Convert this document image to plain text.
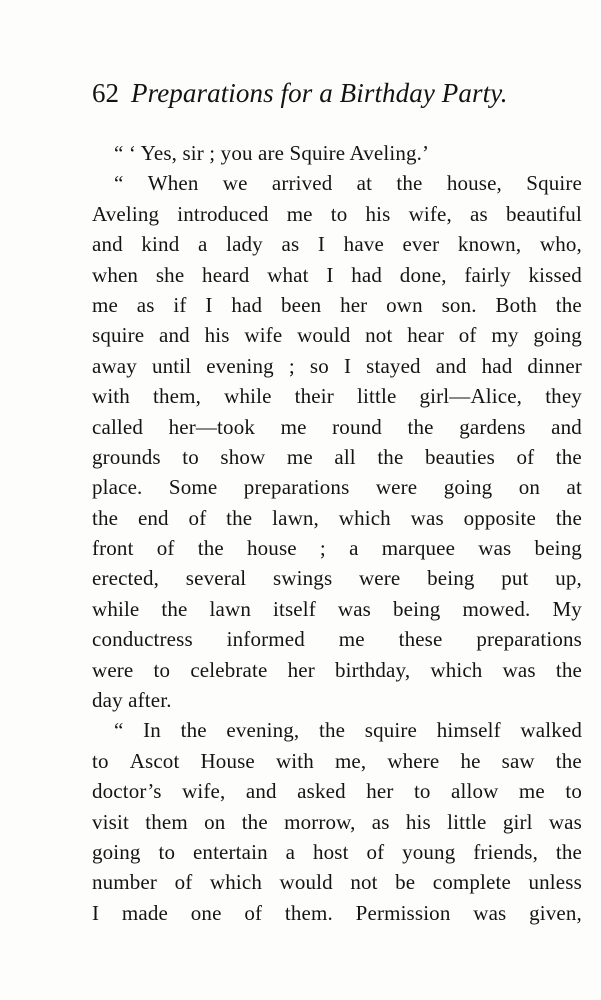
62 Preparations for a Birthday Party.
“ ‘ Yes, sir ; you are Squire Aveling.’
“ When we arrived at the house, Squire
Aveling introduced me to his wife, as beautiful
and kind a lady as I have ever known, who,
when she heard what I had done, fairly kissed
me as if I had been her own son. Both the
squire and his wife would not hear of my going
away until evening ; so I stayed and had dinner
with them, while their little girl—Alice, they
called her—took me round the gardens and
grounds to show me all the beauties of the
place. Some preparations were going on at
the end of the lawn, which was opposite the
front of the house ; a marquee was being
erected, several swings were being put up,
while the lawn itself was being mowed. My
conductress informed me these preparations
were to celebrate her birthday, which was the
day after.
“ In the evening, the squire himself walked
to Ascot House with me, where he saw the
doctor’s wife, and asked her to allow me to
visit them on the morrow, as his little girl was
going to entertain a host of young friends, the
number of which would not be complete unless
I made one of them. Permission was given,
